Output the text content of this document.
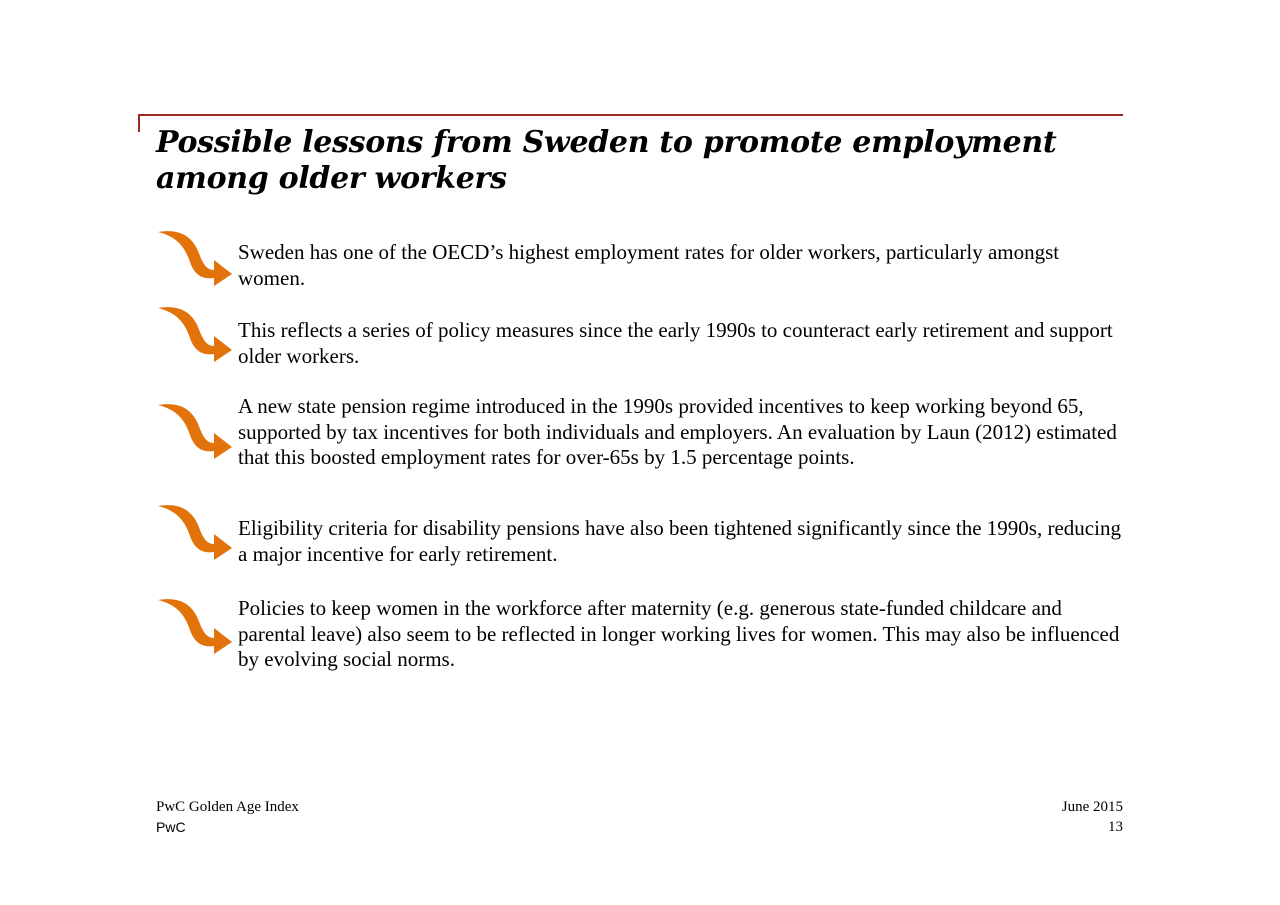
Possible lessons from Sweden to promote employment among older workers

Sweden has one of the OECD’s highest employment rates for older workers, particularly amongst women.

This reflects a series of policy measures since the early 1990s to counteract early retirement and support older workers.

A new state pension regime introduced in the 1990s provided incentives to keep working beyond 65, supported by tax incentives for both individuals and employers. An evaluation by Laun (2012) estimated that this boosted employment rates for over-65s by 1.5 percentage points.

Eligibility criteria for disability pensions have also been tightened significantly since the 1990s, reducing a major incentive for early retirement.

Policies to keep women in the workforce after maternity (e.g. generous state-funded childcare and parental leave) also seem to be reflected in longer working lives for women. This may also be influenced by evolving social norms.

PwC Golden Age Index
PwC
June 2015
13
